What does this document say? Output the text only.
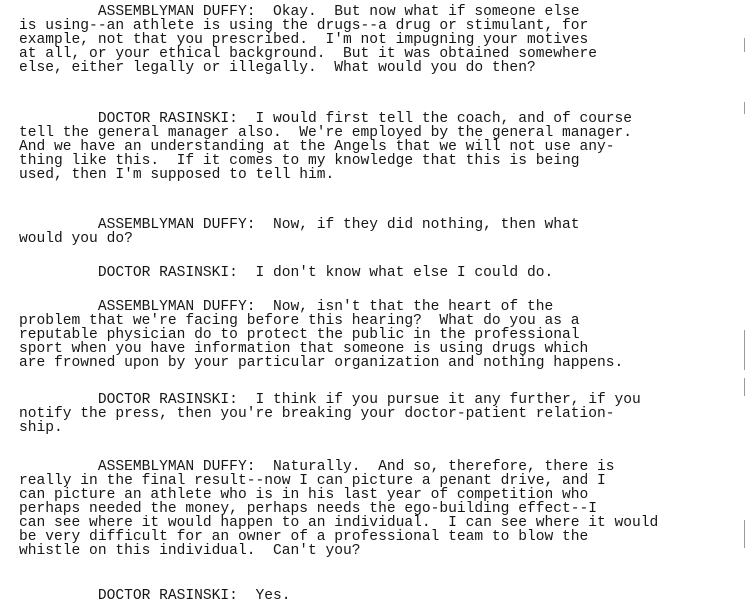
ASSEMBLYMAN DUFFY:  Okay.  But now what if someone else
is using--an athlete is using the drugs--a drug or stimulant, for
example, not that you prescribed.  I'm not impugning your motives
at all, or your ethical background.  But it was obtained somewhere
else, either legally or illegally.  What would you do then?
DOCTOR RASINSKI:  I would first tell the coach, and of course
tell the general manager also.  We're employed by the general manager.
And we have an understanding at the Angels that we will not use any-
thing like this.  If it comes to my knowledge that this is being
used, then I'm supposed to tell him.
ASSEMBLYMAN DUFFY:  Now, if they did nothing, then what
would you do?
DOCTOR RASINSKI:  I don't know what else I could do.
ASSEMBLYMAN DUFFY:  Now, isn't that the heart of the
problem that we're facing before this hearing?  What do you as a
reputable physician do to protect the public in the professional
sport when you have information that someone is using drugs which
are frowned upon by your particular organization and nothing happens.
DOCTOR RASINSKI:  I think if you pursue it any further, if you
notify the press, then you're breaking your doctor-patient relation-
ship.
ASSEMBLYMAN DUFFY:  Naturally.  And so, therefore, there is
really in the final result--now I can picture a penant drive, and I
can picture an athlete who is in his last year of competition who
perhaps needed the money, perhaps needs the ego-building effect--I
can see where it would happen to an individual.  I can see where it would
be very difficult for an owner of a professional team to blow the
whistle on this individual.  Can't you?
DOCTOR RASINSKI:  Yes.
